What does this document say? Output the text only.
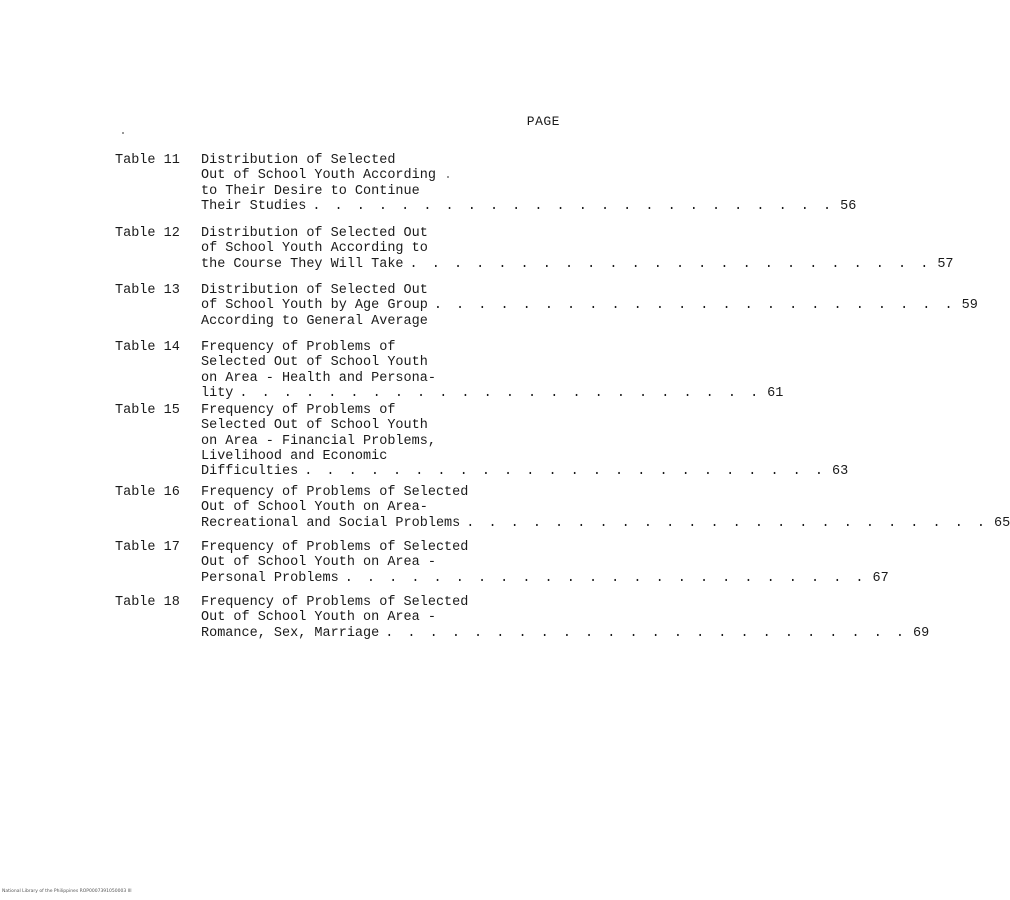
PAGE
Table 11 Distribution of Selected
Out of School Youth According
to Their Desire to Continue
Their Studies . . . . . . . . . . . . . . . . . . . . . . . . 56
Table 12 Distribution of Selected Out
of School Youth According to
the Course They Will Take . . . . . . . . . . . . . . . . . . . . . . . . 57
Table 13 Distribution of Selected Out
of School Youth by Age Group . . . . . . . . . . . . . . . . . . . . . . . . 59
According to General Average
Table 14 Frequency of Problems of
Selected Out of School Youth
on Area - Health and Persona-
lity . . . . . . . . . . . . . . . . . . . . . . . . 61
Table 15 Frequency of Problems of
Selected Out of School Youth
on Area - Financial Problems,
Livelihood and Economic
Difficulties . . . . . . . . . . . . . . . . . . . . . . . . 63
Table 16 Frequency of Problems of Selected
Out of School Youth on Area-
Recreational and Social Problems . . . . . . . . . . . . . . . . . . . . . . . . 65
Table 17 Frequency of Problems of Selected
Out of School Youth on Area -
Personal Problems . . . . . . . . . . . . . . . . . . . . . . . . 67
Table 18 Frequency of Problems of Selected
Out of School Youth on Area -
Romance, Sex, Marriage . . . . . . . . . . . . . . . . . . . . . . . . 69
National Library of the Philippines ROP0007391050003 III
